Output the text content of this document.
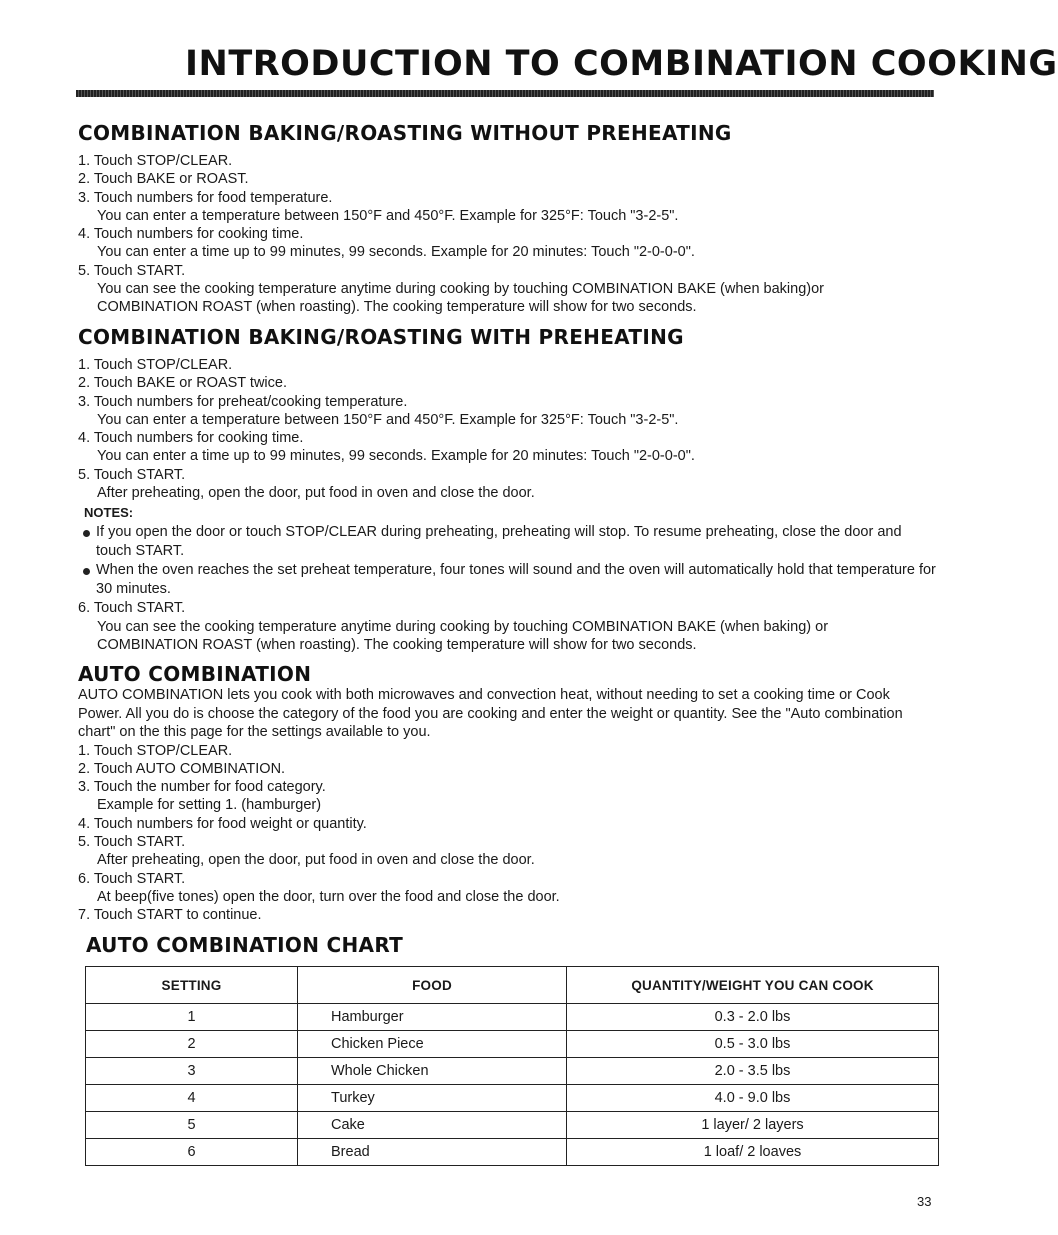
INTRODUCTION TO COMBINATION COOKING
COMBINATION BAKING/ROASTING WITHOUT PREHEATING

1. Touch STOP/CLEAR.

2. Touch BAKE or ROAST.

3. Touch numbers for food temperature.

You can enter a temperature between 150°F and 450°F. Example for 325°F: Touch "3-2-5".

4. Touch numbers for cooking time.

You can enter a time up to 99 minutes, 99 seconds. Example for 20 minutes: Touch "2-0-0-0".

5. Touch START.

You can see the cooking temperature anytime during cooking by touching COMBINATION BAKE (when baking)or

COMBINATION ROAST (when roasting). The cooking temperature will show for two seconds.

COMBINATION BAKING/ROASTING WITH PREHEATING

1. Touch STOP/CLEAR.

2. Touch BAKE or ROAST twice.

3. Touch numbers for preheat/cooking temperature.

You can enter a temperature between 150°F and 450°F. Example for 325°F: Touch "3-2-5".

4. Touch numbers for cooking time.

You can enter a time up to 99 minutes, 99 seconds. Example for 20 minutes: Touch "2-0-0-0".

5. Touch START.

After preheating, open the door, put food in oven and close the door.

NOTES:
If you open the door or touch STOP/CLEAR during preheating, preheating will stop. To resume preheating, close the door and touch START.
When the oven reaches the set preheat temperature, four tones will sound and the oven will automatically hold that temperature for 30 minutes.

6. Touch START.

You can see the cooking temperature anytime during cooking by touching COMBINATION BAKE (when baking) or

COMBINATION ROAST (when roasting). The cooking temperature will show for two seconds.

AUTO COMBINATION

AUTO COMBINATION lets you cook with both microwaves and convection heat, without needing to set a cooking time or Cook Power. All you do is choose the category of the food you are cooking and enter the weight or quantity. See the "Auto combination chart" on the this page for the settings available to you.

1. Touch STOP/CLEAR.

2. Touch AUTO COMBINATION.

3. Touch the number for food category.

Example for setting 1. (hamburger)

4. Touch numbers for food weight or quantity.

5. Touch START.

After preheating, open the door, put food in oven and close the door.

6. Touch START.

At beep(five tones) open the door, turn over the food and close the door.

7. Touch START to continue.

AUTO COMBINATION CHART
SETTING	FOOD	QUANTITY/WEIGHT YOU CAN COOK
1	Hamburger	0.3 - 2.0 lbs
2	Chicken Piece	0.5 - 3.0 lbs
3	Whole Chicken	2.0 - 3.5 lbs
4	Turkey	4.0 - 9.0 lbs
5	Cake	1 layer/ 2 layers
6	Bread	1 loaf/ 2 loaves
33
